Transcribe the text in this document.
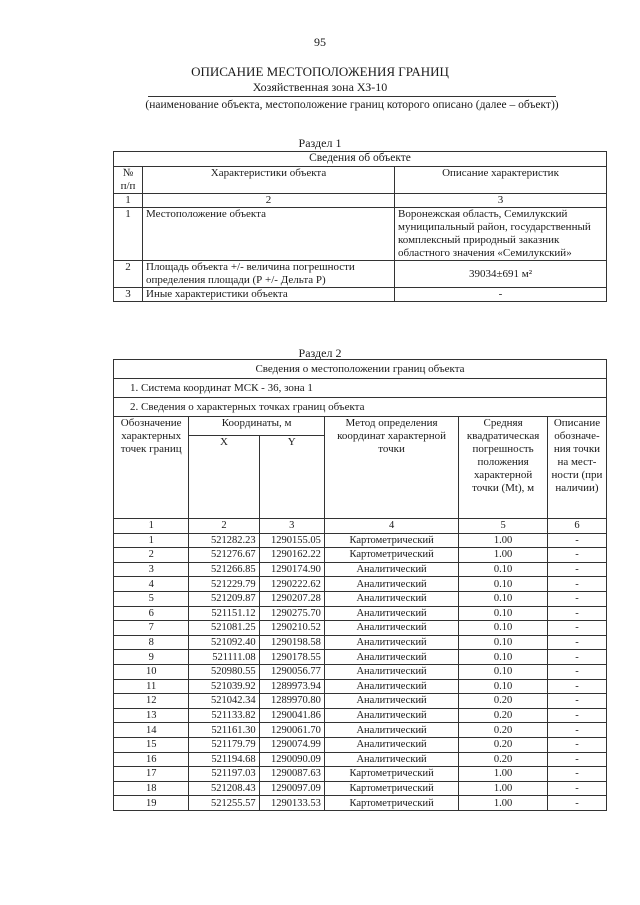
95
ОПИСАНИЕ МЕСТОПОЛОЖЕНИЯ ГРАНИЦ
Хозяйственная зона ХЗ-10
(наименование объекта, местоположение границ которого описано (далее – объект))
Раздел 1
Сведения об объекте		
№ п/п	Характеристики объекта	Описание характеристик
1	2	3
1	Местоположение объекта	Воронежская область, Семилукский муниципальный район, государственный комплексный природный заказник областного значения «Семилукский»
2	Площадь объекта +/- величина погрешности определения площади (Р +/- Дельта Р)	39034±691 м²
3	Иные характеристики объекта	-
Раздел 2
Сведения о местоположении границ объекта					
1. Система координат МСК - 36, зона 1					
2. Сведения о характерных точках границ объекта					
Обозначение характерных точек границ	Координаты, м		Метод определения координат характерной точки	Средняя квадратическая погрешность положения характерной точки (Mt), м	Описание обозначе-ния точки на мест-ности (при наличии)
	X	Y			
1	2	3	4	5	6
1	521282.23	1290155.05	Картометрический	1.00	-
2	521276.67	1290162.22	Картометрический	1.00	-
3	521266.85	1290174.90	Аналитический	0.10	-
4	521229.79	1290222.62	Аналитический	0.10	-
5	521209.87	1290207.28	Аналитический	0.10	-
6	521151.12	1290275.70	Аналитический	0.10	-
7	521081.25	1290210.52	Аналитический	0.10	-
8	521092.40	1290198.58	Аналитический	0.10	-
9	521111.08	1290178.55	Аналитический	0.10	-
10	520980.55	1290056.77	Аналитический	0.10	-
11	521039.92	1289973.94	Аналитический	0.10	-
12	521042.34	1289970.80	Аналитический	0.20	-
13	521133.82	1290041.86	Аналитический	0.20	-
14	521161.30	1290061.70	Аналитический	0.20	-
15	521179.79	1290074.99	Аналитический	0.20	-
16	521194.68	1290090.09	Аналитический	0.20	-
17	521197.03	1290087.63	Картометрический	1.00	-
18	521208.43	1290097.09	Картометрический	1.00	-
19	521255.57	1290133.53	Картометрический	1.00	-
